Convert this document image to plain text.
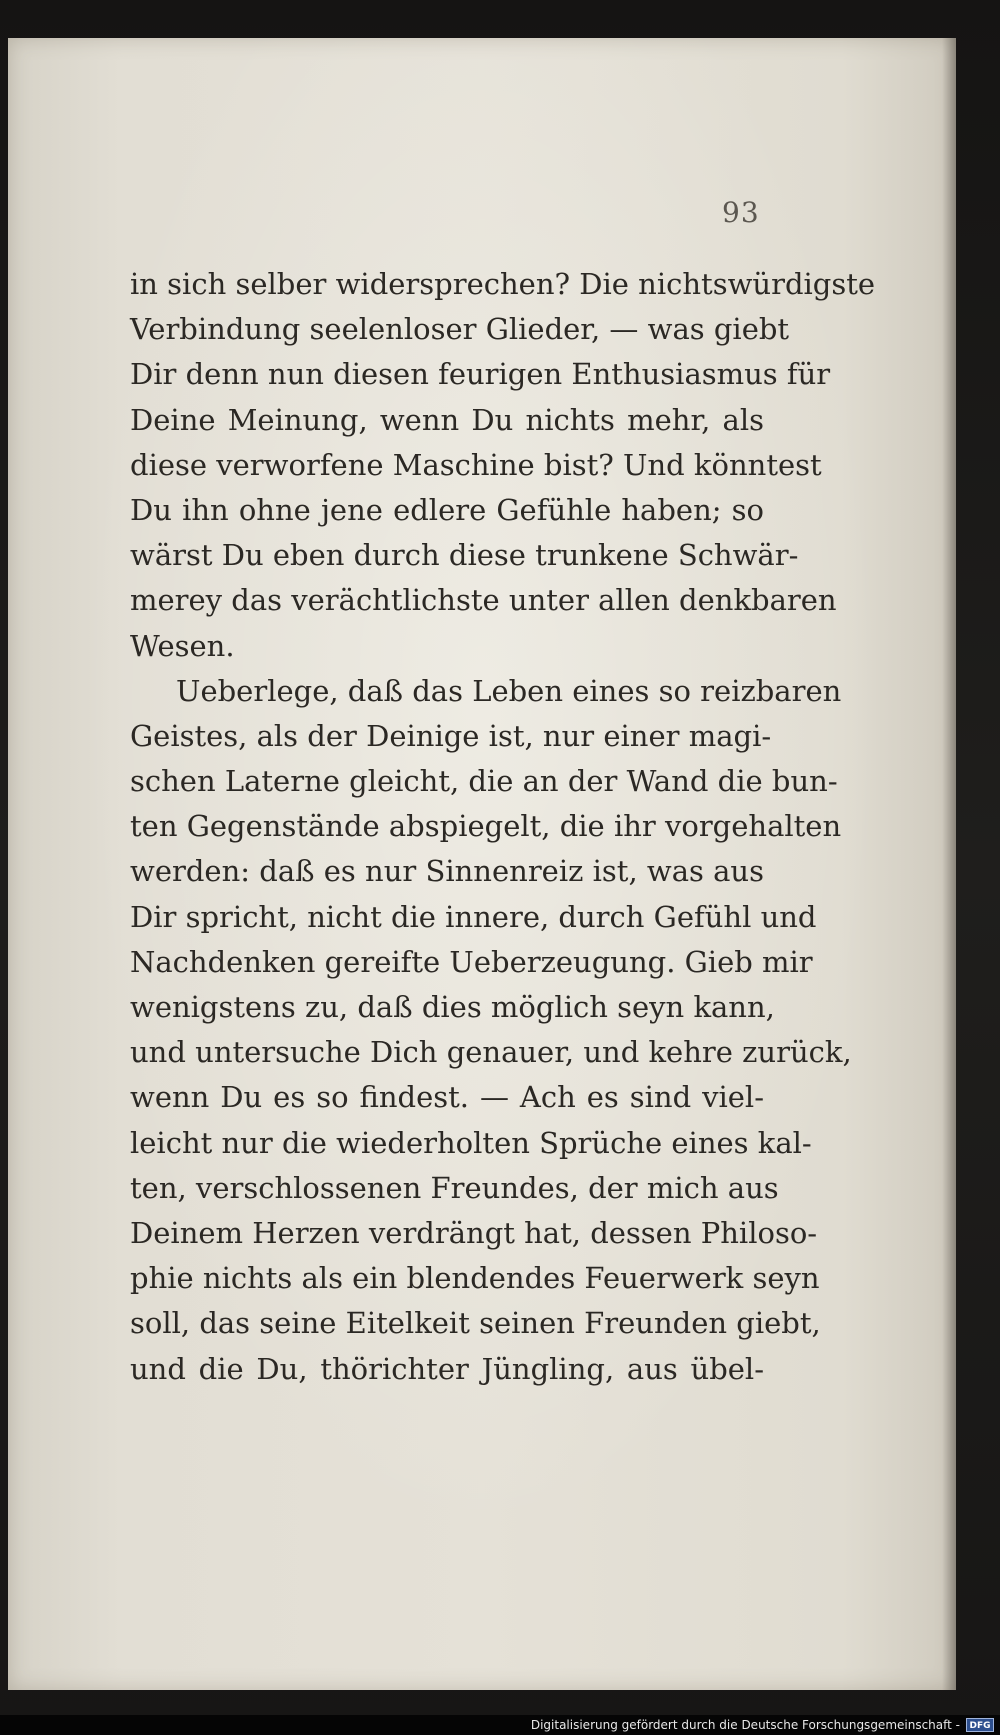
93
in sich selber widersprechen? Die nichtswürdigste
Verbindung seelenloser Glieder, — was giebt
Dir denn nun diesen feurigen Enthusiasmus für
Deine Meinung, wenn Du nichts mehr, als
diese verworfene Maschine bist? Und könntest
Du ihn ohne jene edlere Gefühle haben; so
wärst Du eben durch diese trunkene Schwär-
merey das verächtlichste unter allen denkbaren
Wesen.
Ueberlege, daß das Leben eines so reizbaren
Geistes, als der Deinige ist, nur einer magi-
schen Laterne gleicht, die an der Wand die bun-
ten Gegenstände abspiegelt, die ihr vorgehalten
werden: daß es nur Sinnenreiz ist, was aus
Dir spricht, nicht die innere, durch Gefühl und
Nachdenken gereifte Ueberzeugung. Gieb mir
wenigstens zu, daß dies möglich seyn kann,
und untersuche Dich genauer, und kehre zurück,
wenn Du es so findest. — Ach es sind viel-
leicht nur die wiederholten Sprüche eines kal-
ten, verschlossenen Freundes, der mich aus
Deinem Herzen verdrängt hat, dessen Philoso-
phie nichts als ein blendendes Feuerwerk seyn
soll, das seine Eitelkeit seinen Freunden giebt,
und die Du, thörichter Jüngling, aus übel-
Digitalisierung gefördert durch die Deutsche Forschungsgemeinschaft -	DFG
